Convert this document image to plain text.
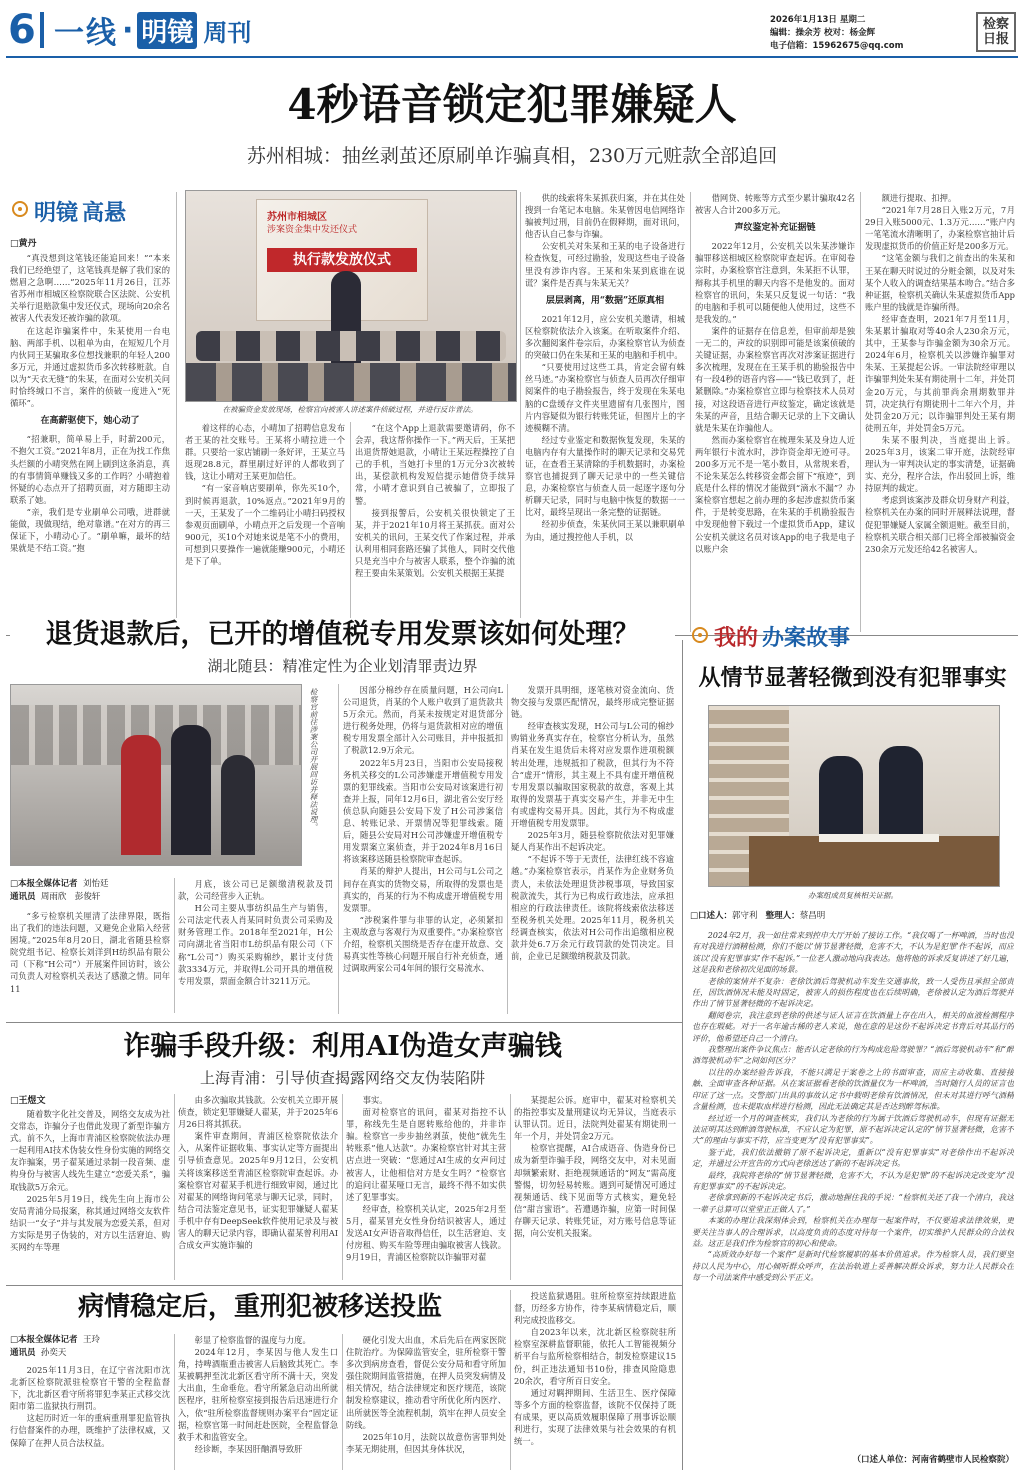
6 一线 · 明镜 周刊	2026年1月13日 星期二
编辑：操余芳 校对：杨金辉
电子信箱：15962675@qq.com
检察日报
4秒语音锁定犯罪嫌疑人
苏州相城：抽丝剥茧还原刷单诈骗真相，230万元赃款全部追回
明镜 高悬
□黄丹

“真没想到这笔钱还能追回来！”“本来我们已经绝望了，这笔钱真是解了我们家的燃眉之急啊……”2025年11月26日，江苏省苏州市相城区检察院联合区法院、公安机关举行退赔款集中发还仪式，现场向20余名被害人代表发还被诈骗的款项。

在这起诈骗案件中，朱某使用一台电脑、两部手机、以租单为由，在短短几个月内伙同王某骗取多位想找兼职的年轻人200多万元，并通过虚拟货币多次转移赃款。自以为“天衣无缝”的朱某，在面对公安机关问时恰终缄口不言，案件的侦破一度进入“死循环”。

在高薪驱使下，她心动了

“招兼职，简单易上手，时薪200元，不抱欠工资。”2021年8月，正在为找工作焦头烂额的小晴突然在网上刷到这条消息，真的有事情简单赚钱又多的工作吗？小晴抱着怀疑的心态点开了招聘页面，对方随即主动联系了她。

“亲，我们是专业刷单公司哦，进群就能做，现做现结，绝对靠谱。”在对方的再三保证下，小晴动心了。“刷单嘛，最坏的结果就是不结工资。”抱

苏州市相城区
涉案资金集中发还仪式
执行款发放仪式
在被骗资金发放现场，检察官向被害人讲述案件侦破过程，并进行反诈普法。

着这样的心态，小晴加了招聘信息发布者王某的社交账号。王某将小晴拉进一个群。只要给一家店铺刷一条好评，王某立马返现28.8元，群里刷过好评的人都收到了钱，这让小晴对王某更加信任。

“有一家音响店要刷单，你先买10个，到时候再退款，10%返点。”2021年9月的一天，王某发了一个二维码让小晴扫码授权参观页面刷单，小晴点开之后发现一个音响900元，买10个对她来说是笔不小的费用，可想到只要操作一遍就能赚900元，小晴还是下了单。

“在这个App上退款需要邀请码，你不会弄，我这帮你操作一下。”两天后，王某把出退货帮她退款，小晴让王某远程操控了自己的手机，当她打卡里的1万元分3次被转出，某偿款机构发短信提示她借贷手续异常，小晴才意识到自己被骗了，立即报了警。

接到报警后，公安机关很快锁定了王某，并于2021年10月将王某抓获。面对公安机关的讯问，王某交代了作案过程，并承认利用相同套路还骗了其他人，同时交代他只是充当中介与被害人联系，整个诈骗的流程王要由朱某策划。公安机关根据王某提

供的线索将朱某抓获归案，并在其住处搜到一台笔记本电脑。朱某曾因电信网络诈骗被判过刑，目前仍在假释期，面对讯问，他否认自己参与诈骗。

公安机关对朱某和王某的电子设备进行检查恢复，可经过勘验，发现这些电子设备里没有涉诈内容。王某和朱某到底谁在说谎？案件是否真与朱某无关？

层层剥离，用“数据”还原真相

2021年12月，应公安机关邀请，相城区检察院依法介入该案。在听取案件介绍、多次翻阅案件卷宗后，办案检察官认为侦查的突破口仍在朱某和王某的电脑和手机中。

“只要使用过这些工具，肯定会留有蛛丝马迹。”办案检察官与侦查人员再次仔细审阅案件的电子勘验报告，终于发现在朱某电脑的C盘缓存文件夹里遗留有几张图片，图片内容疑似为银行转账凭证，但图片上的字迹模糊不清。

经过专业鉴定和数据恢复发现，朱某的电脑内存有大量操作时的聊天记录和交易凭证，在查看王某清除的手机数据时，办案检察官也捕捉到了聊天记录中的一些关键信息，办案检察官与侦查人员一起逐字逐句分析聊天记录，同时与电脑中恢复的数据一一比对，最终呈现出一条完整的证据链。

经初步侦查，朱某伙同王某以兼职刷单为由，通过搜控他人手机，以

借网贷、转账等方式至少累计骗取42名被害人合计200多万元。

声纹鉴定补充证据链

2022年12月，公安机关以朱某涉嫌诈骗罪移送相城区检察院审查起诉。在审阅卷宗时，办案检察官注意到，朱某拒不认罪，辩称其手机里的聊天内容不是他发的。面对检察官的讯问，朱某只反复说一句话：“我的电脑和手机可以随便他人使用过，这些不是我发的。”

案件的证据存在信息差，但审前却是独一无二的，声纹的识别即可能是该案侦破的关键证据，办案检察官再次对涉案证据进行多次梳理，发现在在王某手机的勘验报告中有一段4秒的语音内容——“钱已收到了，赶紧删除。”办案检察官立即与检察技术人员对接，对这段语音进行声纹鉴定，确定该就是朱某的声音，且结合聊天记录的上下文确认就是朱某在诈骗他人。

然而办案检察官在梳理朱某及身边人近两年银行卡流水时，涉诈资金却无迹可寻。200多万元不是一笔小数目，从常规来看，不论朱某怎么转移资金都会留下“痕迹”，到底是什么样的情况才能做到“滴水不漏”？办案检察官想起之前办理的多起涉虚拟货币案件，于是转变思路，在朱某的手机勘验报告中发现他曾下载过一个虚拟货币App，建议公安机关就这名员对该App的电子我是电子以账户余

额进行提取、扣押。

“2021年7月28日入账2万元，7月29日入账5000元、1.3万元……”账户内一笔笔流水清晰明了，办案检察官抽计后发现虚拟货币的价值正好是200多万元。

“这笔金额与我们之前查出的朱某和王某在聊天时说过的分赃金额，以及对朱某个人收入的调查结果基本吻合。”结合多种证据，检察机关确认朱某虚拟货币App账户里的钱就是诈骗所得。

经审查查明，2021年7月至11月，朱某累计骗取对等40余人230余万元，其中，王某参与诈骗金额为30余万元。2024年6月，检察机关以涉嫌诈骗罪对朱某、王某提起公诉。一审法院经审理以诈骗罪判处朱某有期徒刑十二年，并处罚金20万元，与其前罪尚余刑期数罪并罚，决定执行有期徒刑十二年六个月，并处罚金20万元；以诈骗罪判处王某有期徒刑五年，并处罚金5万元。

朱某不服判决，当庭提出上诉。2025年3月，该案二审开庭，法院经审理认为一审判决认定的事实清楚，证据确实、充分，程序合法，作出驳回上诉，维持原判的裁定。

考虑到该案涉及群众切身财产利益，检察机关在办案的同时开展释法说理，督促犯罪嫌疑人家属全额退赃。截至目前，检察机关联合相关部门已将全部被骗资金230余万元发还给42名被害人。

退货退款后，已开的增值税专用发票该如何处理？
湖北随县：精准定性为企业划清罪责边界
检察官前往涉案公司开展回访并释法说理。
□本报全媒体记者 刘怡廷
通讯员 周雨欣　彭俊轩

“多亏检察机关厘清了法律界限，既指出了我们的违法问题，又避免企业陷入经营困境。”2025年8月20日，湖北省随县检察院党组书记、检察长刘洋到H纺织品有限公司（下称“H公司”）开展案件回访时，该公司负责人对检察机关表达了感激之情。同年11

月底，该公司已足额缴清税款及罚款，公司经营步入正轨。

H公司主要从事纺织品生产与销售，公司法定代表人肖某同时负责公司采购及财务管理工作。2018年至2021年，H公司向湖北省当阳市L纺织品有限公司（下称“L公司”）购买采购棉纱，累计支付货款3334万元，并取得L公司开具的增值税专用发票，票面金额合计3211万元。

因部分棉纱存在质量问题，H公司向L公司退货，肖某的个人账户收到了退货款共5万余元。然而，肖某未按规定对退货部分进行税务处理，仍将与退货款相对应的增值税专用发票全部计入公司账目，并申报抵扣了税款12.9万余元。

2022年5月23日，当阳市公安局接税务机关移交的L公司涉嫌虚开增值税专用发票的犯罪线索。当阳市公安局对该案进行初查并上报，同年12月6日，湖北省公安厅经侦总队向随县公安局下发了H公司涉案信息、转账记录、开票情况等犯罪线索。随后，随县公安局对H公司涉嫌虚开增值税专用发票案立案侦查，并于2024年8月16日将该案移送随县检察院审查起诉。

肖某的辩护人提出，H公司与L公司之间存在真实的货物交易，所取得的发票也是真实的，肖某的行为不构成虚开增值税专用发票罪。

“涉税案件罪与非罪的认定，必须紧扣主观故意与客观行为双重要件。”办案检察官介绍，检察机关围绕是否存在虚开故意、交易真实性等核心问题开展自行补充侦查，通过调取两家公司4年间的银行交易流水、

发票开具明细，逐笔核对资金流向、货物交接与发票匹配情况，最终形成完整证据链。

经审查核实发现，H公司与L公司的棉纱购销业务真实存在，检察官分析认为，虽然肖某在发生退货后未将对应发票作进项税额转出处理，违规抵扣了税款，但其行为不符合“虚开”情形，其主观上不具有虚开增值税专用发票以骗取国家税款的故意，客观上其取得的发票基于真实交易产生，并非无中生有或虚构交易开具。因此，其行为不构成虚开增值税专用发票罪。

2025年3月，随县检察院依法对犯罪嫌疑人肖某作出不起诉决定。

“不起诉不等于无责任，法律红线不容逾越。”办案检察官表示，肖某作为企业财务负责人，未依法处理退货涉税事项，导致国家税款流失，其行为已构成行政违法，应承担相应的行政法律责任。该院将线索依法移送至税务机关处理。2025年11月，税务机关经调查核实，依法对H公司作出追缴相应税款并处6.7万余元行政罚款的处罚决定。目前，企业已足额缴纳税款及罚款。

我的 办案故事
从情节显著轻微到没有犯罪事实
办案组成员复核相关证据。
□口述人：郭守利 整理人：蔡昌明

2024年2月，我一如往常来到控申大厅开始了接访工作。“我仅喝了一杯啤酒，当时也没有对我进行酒精检测，你们不能以‘情节显著轻微，危害不大，不认为是犯罪’作不起诉，而应该以‘没有犯罪事实’作不起诉。”一位老人激动地向我表达。他将他的诉求反复讲述了好几遍，这是我和老徐初次见面的场景。

老徐的案情并不复杂：老徐饮酒后驾驶机动车发生交通事故，致一人受伤且承担全部责任，因饮酒情况未能及时固定，被害人的损伤程度也在后续明确，老徐被认定为酒后驾驶并作出了情节显著轻微的不起诉决定。

翻阅卷宗，我注意到老徐的供述与证人证言在饮酒量上存在出入，相关的血液检测程序也存在瑕疵。对于一名年逾古稀的老人来说，他在意的是这份不起诉决定书背后对其品行的评价，他希望还自己一个清白。

我整理出案件争议焦点：能否认定老徐的行为构成危险驾驶罪？“酒后驾驶机动车”和“醉酒驾驶机动车”之间如何区分？

以往的办案经验告诉我，不能只满足于案卷之上的书面审查，而应主动收集、直接接触、全面审查各种证据。从在案证据看老徐的饮酒量仅为一杯啤酒，当时随行人员的证言也印证了这一点。交警部门出具的事故认定书中载明老徐有饮酒情况，但未对其进行呼气酒精含量检测，也未提取血样进行检测，因此无法确定其是否达到醉驾标准。

经过近一个月的调查核实，我们认为老徐的行为属于饮酒后驾驶机动车，但现有证据无法证明其达到醉酒驾驶标准，不应认定为犯罪，原不起诉决定认定的“情节显著轻微，危害不大”的理由与事实不符，应当变更为“没有犯罪事实”。

鉴于此，我们依法撤销了原不起诉决定，重新以“没有犯罪事实”对老徐作出不起诉决定，并通过公开宣告的方式向老徐送达了新的不起诉决定书。

最终，我院将老徐的“情节显著轻微，危害不大，不认为是犯罪”的不起诉决定改变为“没有犯罪事实”的不起诉决定。

老徐拿到新的不起诉决定书后，激动地握住我的手说：“检察机关还了我一个清白，我这一辈子总算可以堂堂正正做人了。”

本案的办理让我深刻体会到，检察机关在办理每一起案件时，不仅要追求法律效果，更要关注当事人的合理诉求，以高度负责的态度对待每一个案件，切实维护人民群众的合法权益。这正是我们作为检察官的初心和使命。

“高质效办好每一个案件”是新时代检察履职的基本价值追求。作为检察人员，我们要坚持以人民为中心，用心倾听群众呼声，在法治轨道上妥善解决群众诉求，努力让人民群众在每一个司法案件中感受到公平正义。

（口述人单位：河南省鹤壁市人民检察院）
诈骗手段升级：利用AI伪造女声骗钱
上海青浦：引导侦查揭露网络交友伪装陷阱
□王煜文

随着数字化社交普及，网络交友成为社交常态，诈骗分子也借此发现了新型诈骗方式。前不久，上海市青浦区检察院依法办理一起利用AI技术伪装女性身份实施的网络交友诈骗案，男子翟某通过录制一段音频、虚构身份与被害人线先生建立“恋爱关系”，骗取钱款5万余元。

2025年5月19日，线先生向上海市公安局青浦分局报案，称其通过网络交友软件结识一“女子”并与其发展为恋爱关系，但对方实际是男子伪装的，对方以生活窘迫、购买网约车等理

由多次骗取其钱款。公安机关立即开展侦查，锁定犯罪嫌疑人翟某，并于2025年6月26日将其抓获。

案件审查期间，青浦区检察院依法介入，从案件证据收集、事实认定等方面提出引导侦查意见。2025年9月12日，公安机关将该案移送至青浦区检察院审查起诉。办案检察官对翟某手机进行细致审阅，通过比对翟某的网络询问笔录与聊天记录，同时，结合司法鉴定意见书，证实犯罪嫌疑人翟某手机中存有DeepSeek软件使用记录及与被害人的聊天记录内容，即确认翟某曾利用AI合成女声实施诈骗的

事实。

面对检察官的讯问，翟某对指控不认罪，称线先生是自愿转账给他的，并非诈骗。检察官一步步抽丝剥茧，使他“就先生转账系”他人达款”。办案检察官针对其主营店点进一突破：“您通过AI生成的女声问过被害人，让他相信对方是女生吗？”检察官的追问让翟某哑口无言，最终不得不如实供述了犯罪事实。

经审查，检察机关认定，2025年2月至5月，翟某冒充女性身份结识被害人，通过发送AI女声语音取得信任，以生活窘迫、支付房租、购买车险等理由骗取被害人钱款。9月19日，青浦区检察院以诈骗罪对翟

某提起公诉。庭审中，翟某对检察机关的指控事实及量刑建议均无异议，当庭表示认罪认罚。近日，法院判处翟某有期徒刑一年一个月，并处罚金2万元。

检察官提醒，AI合成语音、伪造身份已成为新型诈骗手段，网络交友中，对未见面却频繁索财、拒绝视频通话的“网友”需高度警惕，切勿轻易转账。遇到可疑情况可通过视频通话、线下见面等方式核实，避免轻信“甜言蜜语”。若遭遇诈骗，应第一时间保存聊天记录、转账凭证，对方账号信息等证据，向公安机关报案。

病情稳定后，重刑犯被移送投监
□本报全媒体记者 王玲
通讯员 孙奕天

2025年11月3日，在辽宁省沈阳市沈北新区检察院派驻检察官干警的全程监督下，沈北新区看守所将罪犯李某正式移交沈阳市第二监狱执行刑罚。

这起历时近一年的重病重刑罪犯监管执行信督案件的办理，既维护了法律权威，又保障了在押人员合法权益。

彰显了检察监督的温度与力度。

2024年12月，李某因与他人发生口角，持啤酒瓶重击被害人后脑致其死亡。李某被羁押至沈北新区看守所不满十天，突发大出血，生命垂危。看守所紧急启动出所就医程序，驻所检察室接到报告后迅速进行介入，依“驻所检察监督规则办案平台”固定证据，检察官第一时间赶赴医院，全程监督急救手术和监管安全。

经诊断，李某因肝酗酒导致肝

硬化引发大出血，术后先后在两家医院住院治疗。为保障监管安全，驻所检察干警多次到病房查看，督促公安分局和看守所加强住院期间监管措施，在押人员突发病情及相关情况，结合法律规定和医疗规范，该院制发检察建议，推动看守所优化所内医疗、出所就医等全流程机制，筑牢在押人员安全防线。

2025年10月，法院以故意伤害罪判处李某无期徒刑，但因其身体状况，

投送监狱遇阻。驻所检察室持续跟进监督，历经多方协作，待李某病情稳定后，顺利完成投监移交。

自2023年以来，沈北新区检察院驻所检察室深耕监督职能，依托人工智能视频分析平台与监所检察相结合，制发检察建议15份，纠正违法通知书10份，排查风险隐患20余次，看守所百日安全。

通过对羁押期间、生活卫生、医疗保障等多个方面的检察监督，该院不仅保持了既有成果，更以高质效履职保障了刑事诉讼顺利进行，实现了法律效果与社会效果的有机统一。
